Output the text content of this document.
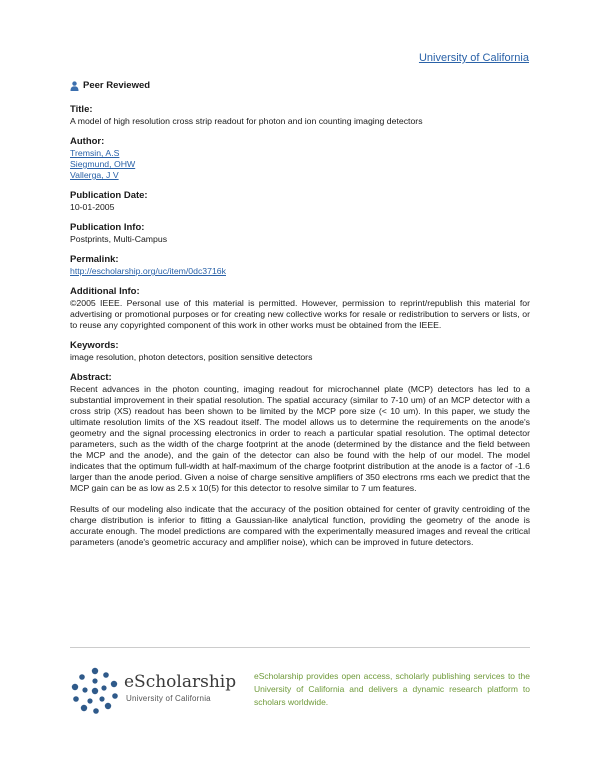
University of California
Peer Reviewed
Title:
A model of high resolution cross strip readout for photon and ion counting imaging detectors
Author:
Tremsin, A.S
Siegmund, OHW
Vallerga, J V
Publication Date:
10-01-2005
Publication Info:
Postprints, Multi-Campus
Permalink:
http://escholarship.org/uc/item/0dc3716k
Additional Info:
©2005 IEEE. Personal use of this material is permitted. However, permission to reprint/republish this material for advertising or promotional purposes or for creating new collective works for resale or redistribution to servers or lists, or to reuse any copyrighted component of this work in other works must be obtained from the IEEE.
Keywords:
image resolution, photon detectors, position sensitive detectors
Abstract:
Recent advances in the photon counting, imaging readout for microchannel plate (MCP) detectors has led to a substantial improvement in their spatial resolution. The spatial accuracy (similar to 7-10 um) of an MCP detector with a cross strip (XS) readout has been shown to be limited by the MCP pore size (< 10 um). In this paper, we study the ultimate resolution limits of the XS readout itself. The model allows us to determine the requirements on the anode's geometry and the signal processing electronics in order to reach a particular spatial resolution. The optimal detector parameters, such as the width of the charge footprint at the anode (determined by the distance and the field between the MCP and the anode), and the gain of the detector can also be found with the help of our model. The model indicates that the optimum full-width at half-maximum of the charge footprint distribution at the anode is a factor of -1.6 larger than the anode period. Given a noise of charge sensitive amplifiers of 350 electrons rms each we predict that the MCP gain can be as low as 2.5 x 10(5) for this detector to resolve similar to 7 um features.
Results of our modeling also indicate that the accuracy of the position obtained for center of gravity centroiding of the charge distribution is inferior to fitting a Gaussian-like analytical function, providing the geometry of the anode is accurate enough. The model predictions are compared with the experimentally measured images and reveal the critical parameters (anode's geometric accuracy and amplifier noise), which can be improved in future detectors.
eScholarship
University of California
eScholarship provides open access, scholarly publishing services to the University of California and delivers a dynamic research platform to scholars worldwide.
